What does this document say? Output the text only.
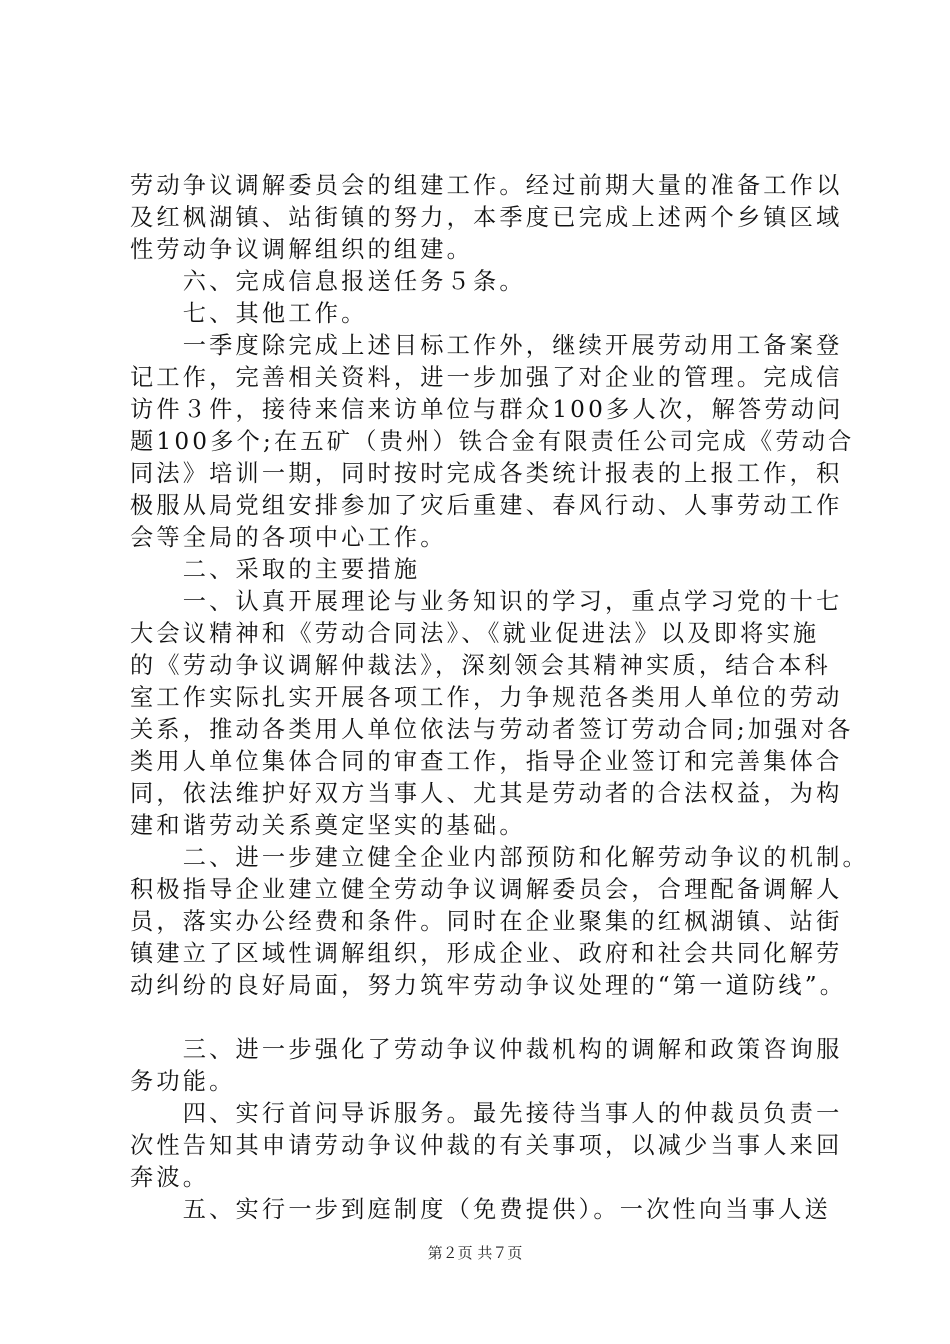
劳动争议调解委员会的组建工作。经过前期大量的准备工作以
及红枫湖镇、站街镇的努力，本季度已完成上述两个乡镇区域
性劳动争议调解组织的组建。
　　六、完成信息报送任务５条。
　　七、其他工作。
　　一季度除完成上述目标工作外，继续开展劳动用工备案登
记工作，完善相关资料，进一步加强了对企业的管理。完成信
访件３件，接待来信来访单位与群众100多人次，解答劳动问
题100多个;在五矿（贵州）铁合金有限责任公司完成《劳动合
同法》培训一期，同时按时完成各类统计报表的上报工作，积
极服从局党组安排参加了灾后重建、春风行动、人事劳动工作
会等全局的各项中心工作。
　　二、采取的主要措施
　　一、认真开展理论与业务知识的学习，重点学习党的十七
大会议精神和《劳动合同法》、《就业促进法》以及即将实施
的《劳动争议调解仲裁法》，深刻领会其精神实质，结合本科
室工作实际扎实开展各项工作，力争规范各类用人单位的劳动
关系，推动各类用人单位依法与劳动者签订劳动合同;加强对各
类用人单位集体合同的审查工作，指导企业签订和完善集体合
同，依法维护好双方当事人、尤其是劳动者的合法权益，为构
建和谐劳动关系奠定坚实的基础。
　　二、进一步建立健全企业内部预防和化解劳动争议的机制。
积极指导企业建立健全劳动争议调解委员会，合理配备调解人
员，落实办公经费和条件。同时在企业聚集的红枫湖镇、站街
镇建立了区域性调解组织，形成企业、政府和社会共同化解劳
动纠纷的良好局面，努力筑牢劳动争议处理的“第一道防线”。
　　三、进一步强化了劳动争议仲裁机构的调解和政策咨询服
务功能。
　　四、实行首问导诉服务。最先接待当事人的仲裁员负责一
次性告知其申请劳动争议仲裁的有关事项，以减少当事人来回
奔波。
　　五、实行一步到庭制度（免费提供）。一次性向当事人送
第２页 共７页
